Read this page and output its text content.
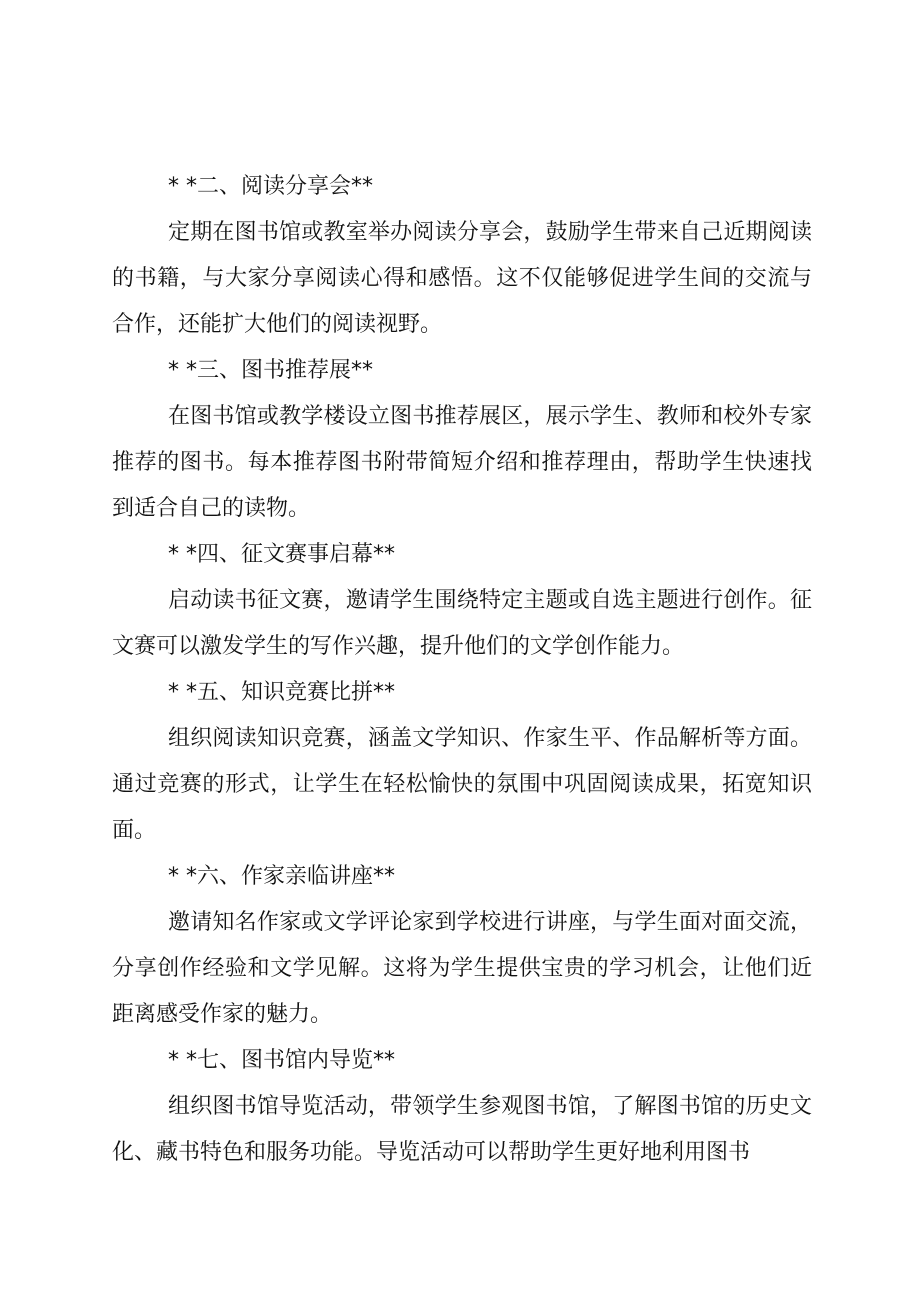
* *二、阅读分享会**

定期在图书馆或教室举办阅读分享会，鼓励学生带来自己近期阅读的书籍，与大家分享阅读心得和感悟。这不仅能够促进学生间的交流与合作，还能扩大他们的阅读视野。

* *三、图书推荐展**

在图书馆或教学楼设立图书推荐展区，展示学生、教师和校外专家推荐的图书。每本推荐图书附带简短介绍和推荐理由，帮助学生快速找到适合自己的读物。

* *四、征文赛事启幕**

启动读书征文赛，邀请学生围绕特定主题或自选主题进行创作。征文赛可以激发学生的写作兴趣，提升他们的文学创作能力。

* *五、知识竞赛比拼**

组织阅读知识竞赛，涵盖文学知识、作家生平、作品解析等方面。通过竞赛的形式，让学生在轻松愉快的氛围中巩固阅读成果，拓宽知识面。

* *六、作家亲临讲座**

邀请知名作家或文学评论家到学校进行讲座，与学生面对面交流，分享创作经验和文学见解。这将为学生提供宝贵的学习机会，让他们近距离感受作家的魅力。

* *七、图书馆内导览**

组织图书馆导览活动，带领学生参观图书馆，了解图书馆的历史文化、藏书特色和服务功能。导览活动可以帮助学生更好地利用图书
